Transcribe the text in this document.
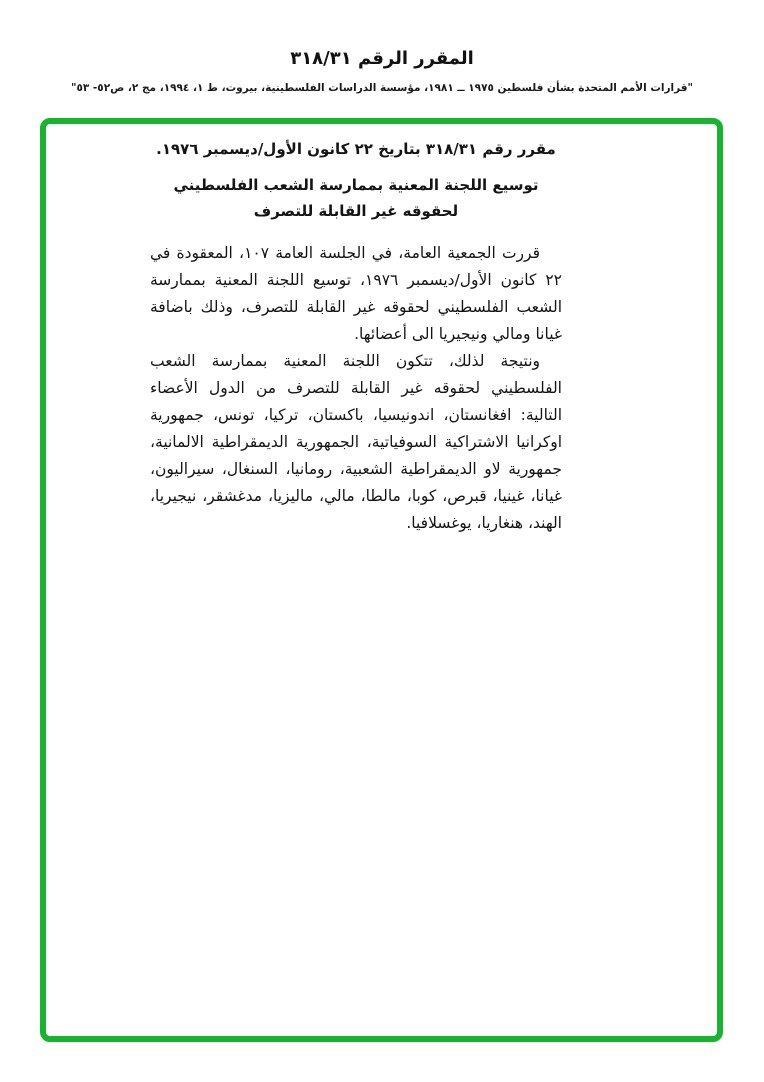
المقرر الرقم ٣١٨/٣١
"قرارات الأمم المتحدة بشأن فلسطين ١٩٧٥ ــ ١٩٨١، مؤسسة الدراسات الفلسطينية، بيروت، ط ١، ١٩٩٤، مج ٢، ص٥٢- ٥٣"
مقرر رقم ٣١٨/٣١ بتاريخ ٢٢ كانون الأول/ديسمبر ١٩٧٦.
توسيع اللجنة المعنية بممارسة الشعب الفلسطيني
لحقوقه غير القابلة للتصرف

قررت الجمعية العامة، في الجلسة العامة ١٠٧، المعقودة في ٢٢ كانون الأول/ديسمبر ١٩٧٦، توسيع اللجنة المعنية بممارسة الشعب الفلسطيني لحقوقه غير القابلة للتصرف، وذلك باضافة غيانا ومالي ونيجيريا الى أعضائها.

ونتيجة لذلك، تتكون اللجنة المعنية بممارسة الشعب الفلسطيني لحقوقه غير القابلة للتصرف من الدول الأعضاء التالية: افغانستان، اندونيسيا، باكستان، تركيا، تونس، جمهورية اوكرانيا الاشتراكية السوفياتية، الجمهورية الديمقراطية الالمانية، جمهورية لاو الديمقراطية الشعبية، رومانيا، السنغال، سيراليون، غيانا، غينيا، قبرص، كوبا، مالطا، مالي، ماليزيا، مدغشقر، نيجيريا، الهند، هنغاريا، يوغسلافيا.
